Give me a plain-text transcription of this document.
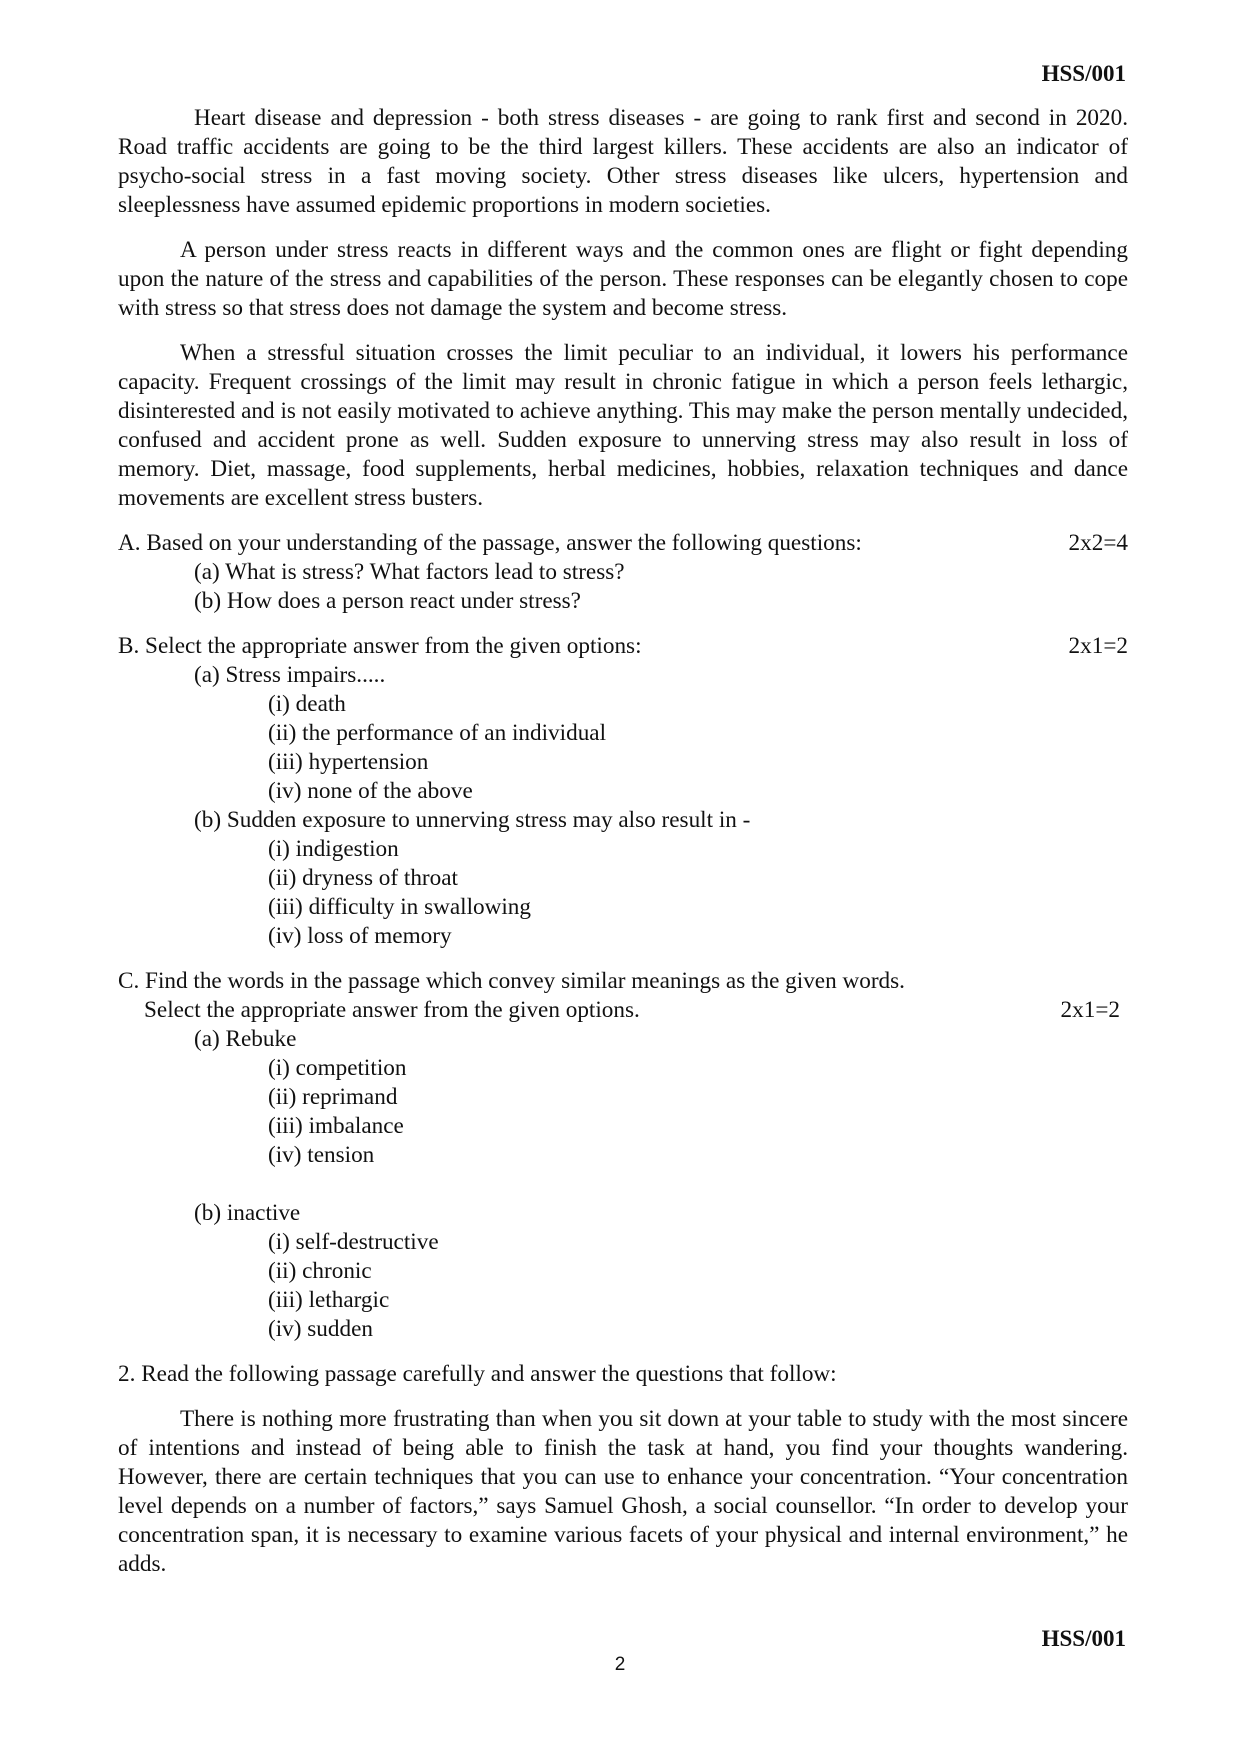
HSS/001

Heart disease and depression - both stress diseases - are going to rank first and second in 2020. Road traffic accidents are going to be the third largest killers. These accidents are also an indicator of psycho-social stress in a fast moving society. Other stress diseases like ulcers, hypertension and sleeplessness have assumed epidemic proportions in modern societies.

A person under stress reacts in different ways and the common ones are flight or fight depending upon the nature of the stress and capabilities of the person. These responses can be elegantly chosen to cope with stress so that stress does not damage the system and become stress.

When a stressful situation crosses the limit peculiar to an individual, it lowers his performance capacity. Frequent crossings of the limit may result in chronic fatigue in which a person feels lethargic, disinterested and is not easily motivated to achieve anything. This may make the person mentally undecided, confused and accident prone as well. Sudden exposure to unnerving stress may also result in loss of memory. Diet, massage, food supplements, herbal medicines, hobbies, relaxation techniques and dance movements are excellent stress busters.

A. Based on your understanding of the passage, answer the following questions:	2x2=4

(a) What is stress? What factors lead to stress?

(b) How does a person react under stress?

B. Select the appropriate answer from the given options:	2x1=2

(a) Stress impairs.....

(i) death

(ii) the performance of an individual

(iii) hypertension

(iv) none of the above

(b) Sudden exposure to unnerving stress may also result in -

(i) indigestion

(ii) dryness of throat

(iii) difficulty in swallowing

(iv) loss of memory

C. Find the words in the passage which convey similar meanings as the given words.

Select the appropriate answer from the given options.	2x1=2

(a) Rebuke

(i) competition

(ii) reprimand

(iii) imbalance

(iv) tension

(b) inactive

(i) self-destructive

(ii) chronic

(iii) lethargic

(iv) sudden

2. Read the following passage carefully and answer the questions that follow:

There is nothing more frustrating than when you sit down at your table to study with the most sincere of intentions and instead of being able to finish the task at hand, you find your thoughts wandering. However, there are certain techniques that you can use to enhance your concentration. “Your concentration level depends on a number of factors,” says Samuel Ghosh, a social counsellor. “In order to develop your concentration span, it is necessary to examine various facets of your physical and internal environment,” he adds.

HSS/001
2
